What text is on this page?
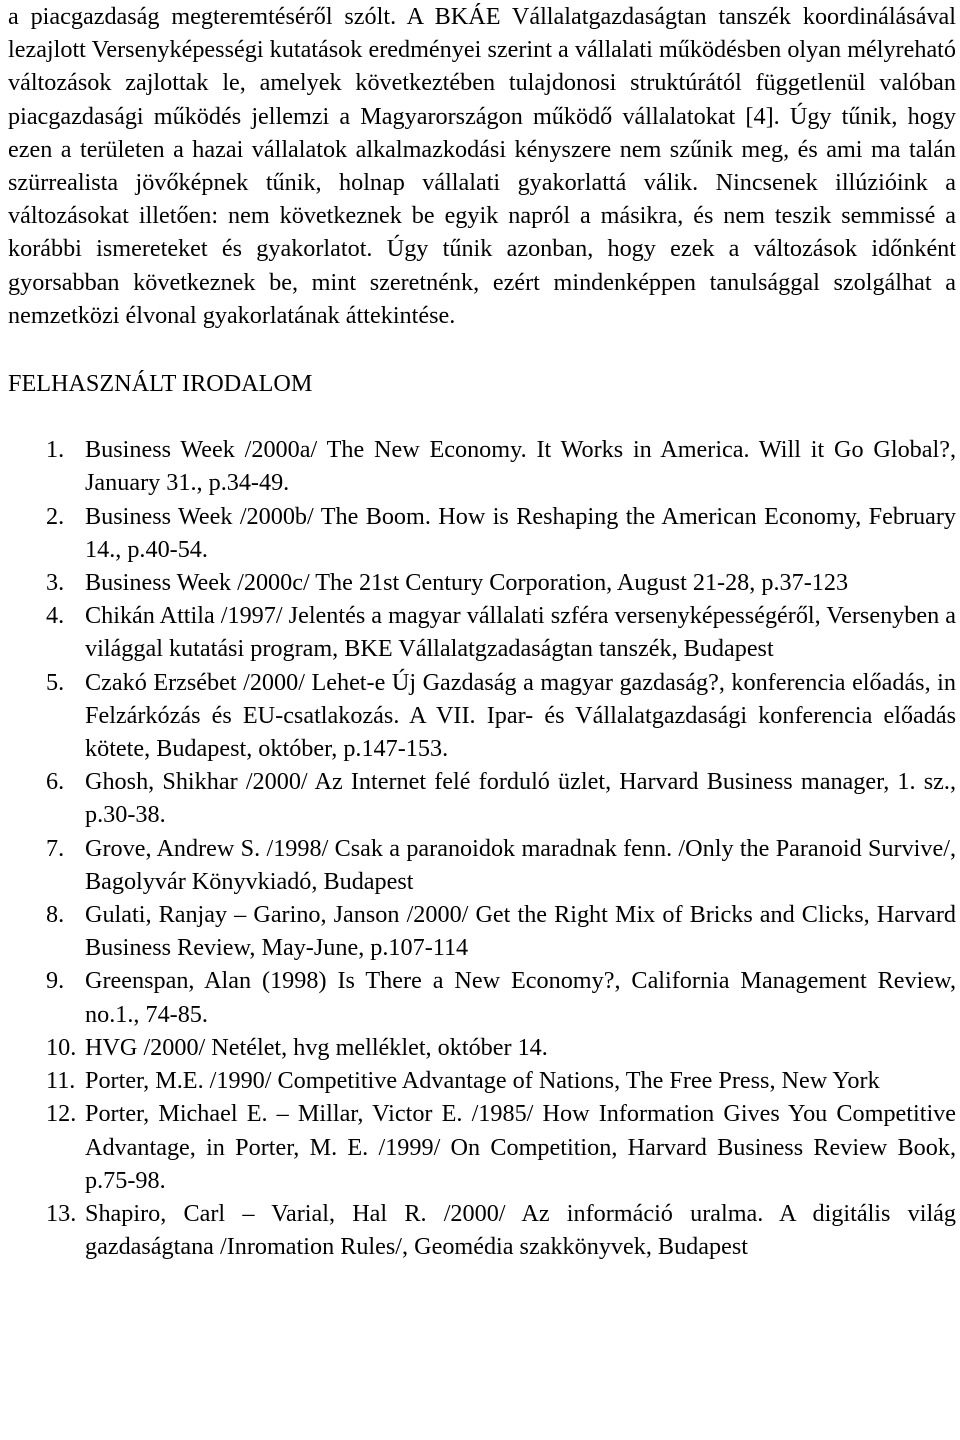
a piacgazdaság megteremtéséről szólt. A BKÁE Vállalatgazdaságtan tanszék koordinálásával lezajlott Versenyképességi kutatások eredményei szerint a vállalati működésben olyan mélyreható változások zajlottak le, amelyek következtében tulajdonosi struktúrától függetlenül valóban piacgazdasági működés jellemzi a Magyarországon működő vállalatokat [4]. Úgy tűnik, hogy ezen a területen a hazai vállalatok alkalmazkodási kényszere nem szűnik meg, és ami ma talán szürrealista jövőképnek tűnik, holnap vállalati gyakorlattá válik. Nincsenek illúzióink a változásokat illetően: nem következnek be egyik napról a másikra, és nem teszik semmissé a korábbi ismereteket és gyakorlatot. Úgy tűnik azonban, hogy ezek a változások időnként gyorsabban következnek be, mint szeretnénk, ezért mindenképpen tanulsággal szolgálhat a nemzetközi élvonal gyakorlatának áttekintése.

FELHASZNÁLT IRODALOM
1. Business Week /2000a/ The New Economy. It Works in America. Will it Go Global?, January 31., p.34-49.
2. Business Week /2000b/ The Boom. How is Reshaping the American Economy, February 14., p.40-54.
3. Business Week /2000c/ The 21st Century Corporation, August 21-28, p.37-123
4. Chikán Attila /1997/ Jelentés a magyar vállalati szféra versenyképességéről, Versenyben a világgal kutatási program, BKE Vállalatgzadaságtan tanszék, Budapest
5. Czakó Erzsébet /2000/ Lehet-e Új Gazdaság a magyar gazdaság?, konferencia előadás, in Felzárkózás és EU-csatlakozás. A VII. Ipar- és Vállalatgazdasági konferencia előadás kötete, Budapest, október, p.147-153.
6. Ghosh, Shikhar /2000/ Az Internet felé forduló üzlet, Harvard Business manager, 1. sz., p.30-38.
7. Grove, Andrew S. /1998/ Csak a paranoidok maradnak fenn. /Only the Paranoid Survive/, Bagolyvár Könyvkiadó, Budapest
8. Gulati, Ranjay – Garino, Janson /2000/ Get the Right Mix of Bricks and Clicks, Harvard Business Review, May-June, p.107-114
9. Greenspan, Alan (1998) Is There a New Economy?, California Management Review, no.1., 74-85.
10. HVG /2000/ Netélet, hvg melléklet, október 14.
11. Porter, M.E. /1990/ Competitive Advantage of Nations, The Free Press, New York
12. Porter, Michael E. – Millar, Victor E. /1985/ How Information Gives You Competitive Advantage, in Porter, M. E. /1999/ On Competition, Harvard Business Review Book, p.75-98.
13. Shapiro, Carl – Varial, Hal R. /2000/ Az információ uralma. A digitális világ gazdaságtana /Inromation Rules/, Geomédia szakkönyvek, Budapest
